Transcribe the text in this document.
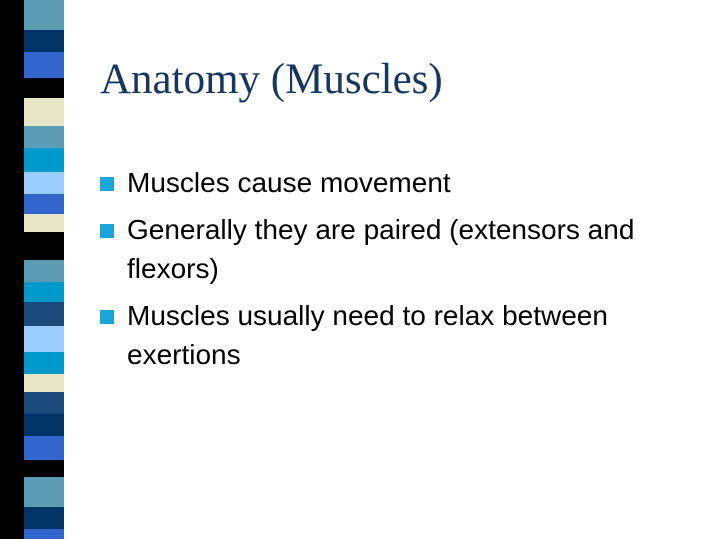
Anatomy (Muscles)
Muscles cause movement
Generally they are paired (extensors and flexors)
Muscles usually need to relax between exertions
